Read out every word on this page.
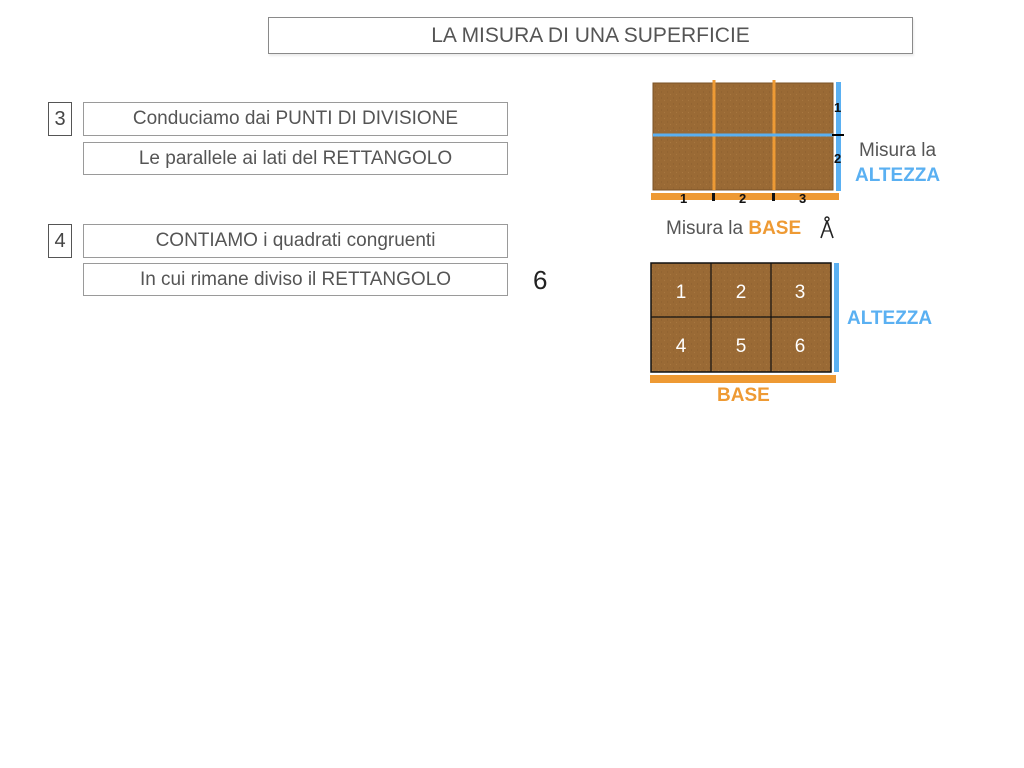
LA MISURA DI UNA SUPERFICIE
3	Conduciamo dai PUNTI DI DIVISIONE
Le parallele ai lati del RETTANGOLO
4	CONTIAMO i quadrati congruenti
In cui rimane diviso il RETTANGOLO	6
1
2
1	2	3
Misura la
ALTEZZA
Misura la BASE
1	2	3
4	5	6
ALTEZZA
BASE
